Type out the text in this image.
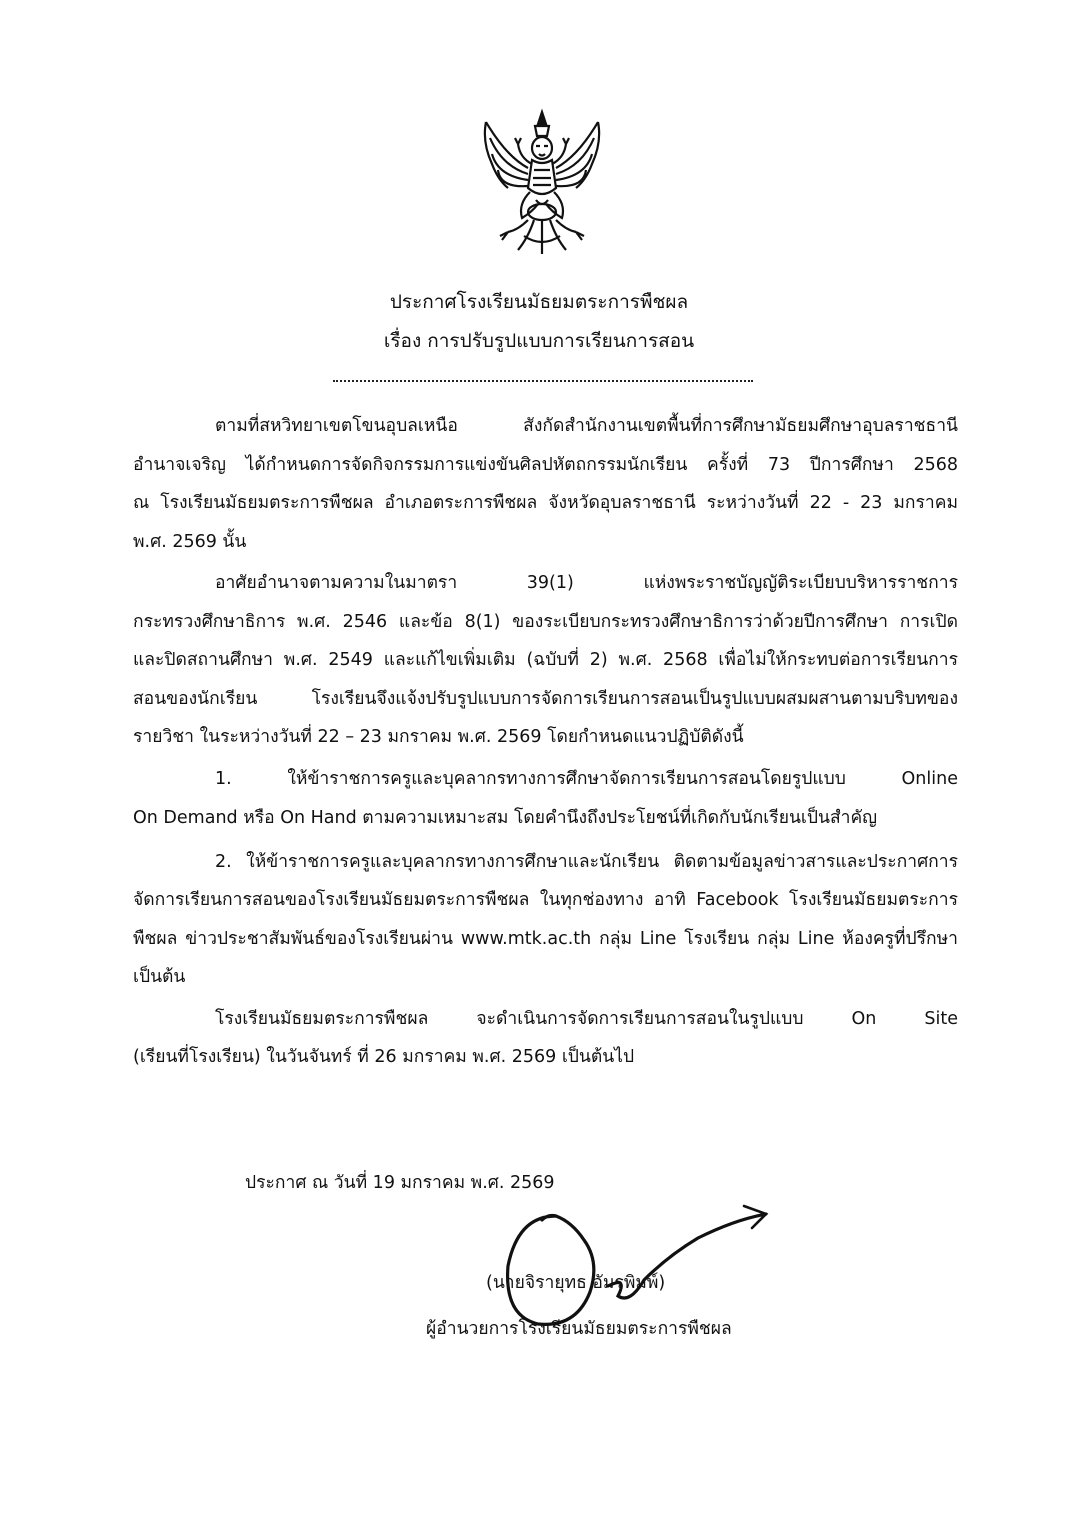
ประกาศโรงเรียนมัธยมตระการพืชผล
เรื่อง การปรับรูปแบบการเรียนการสอน
ตามที่สหวิทยาเขตโขนอุบลเหนือ สังกัดสำนักงานเขตพื้นที่การศึกษามัธยมศึกษาอุบลราชธานี
อำนาจเจริญ ได้กำหนดการจัดกิจกรรมการแข่งขันศิลปหัตถกรรมนักเรียน ครั้งที่ 73 ปีการศึกษา 2568
ณ โรงเรียนมัธยมตระการพืชผล อำเภอตระการพืชผล จังหวัดอุบลราชธานี ระหว่างวันที่ 22 - 23 มกราคม
พ.ศ. 2569 นั้น
อาศัยอำนาจตามความในมาตรา 39(1) แห่งพระราชบัญญัติระเบียบบริหารราชการ
กระทรวงศึกษาธิการ พ.ศ. 2546 และข้อ 8(1) ของระเบียบกระทรวงศึกษาธิการว่าด้วยปีการศึกษา การเปิด
และปิดสถานศึกษา พ.ศ. 2549 และแก้ไขเพิ่มเติม (ฉบับที่ 2) พ.ศ. 2568 เพื่อไม่ให้กระทบต่อการเรียนการ
สอนของนักเรียน โรงเรียนจึงแจ้งปรับรูปแบบการจัดการเรียนการสอนเป็นรูปแบบผสมผสานตามบริบทของ
รายวิชา ในระหว่างวันที่ 22 – 23 มกราคม พ.ศ. 2569 โดยกำหนดแนวปฏิบัติดังนี้
1. ให้ข้าราชการครูและบุคลากรทางการศึกษาจัดการเรียนการสอนโดยรูปแบบ Online
On Demand หรือ On Hand ตามความเหมาะสม โดยคำนึงถึงประโยชน์ที่เกิดกับนักเรียนเป็นสำคัญ
2. ให้ข้าราชการครูและบุคลากรทางการศึกษาและนักเรียน ติดตามข้อมูลข่าวสารและประกาศการ
จัดการเรียนการสอนของโรงเรียนมัธยมตระการพืชผล ในทุกช่องทาง อาทิ Facebook โรงเรียนมัธยมตระการ
พืชผล ข่าวประชาสัมพันธ์ของโรงเรียนผ่าน www.mtk.ac.th กลุ่ม Line โรงเรียน กลุ่ม Line ห้องครูที่ปรึกษา
เป็นต้น
โรงเรียนมัธยมตระการพืชผล จะดำเนินการจัดการเรียนการสอนในรูปแบบ On Site
(เรียนที่โรงเรียน) ในวันจันทร์ ที่ 26 มกราคม พ.ศ. 2569 เป็นต้นไป
ประกาศ ณ วันที่ 19 มกราคม พ.ศ. 2569
(นายจิรายุทธ อัมรพิมพ์)
ผู้อำนวยการโรงเรียนมัธยมตระการพืชผล
